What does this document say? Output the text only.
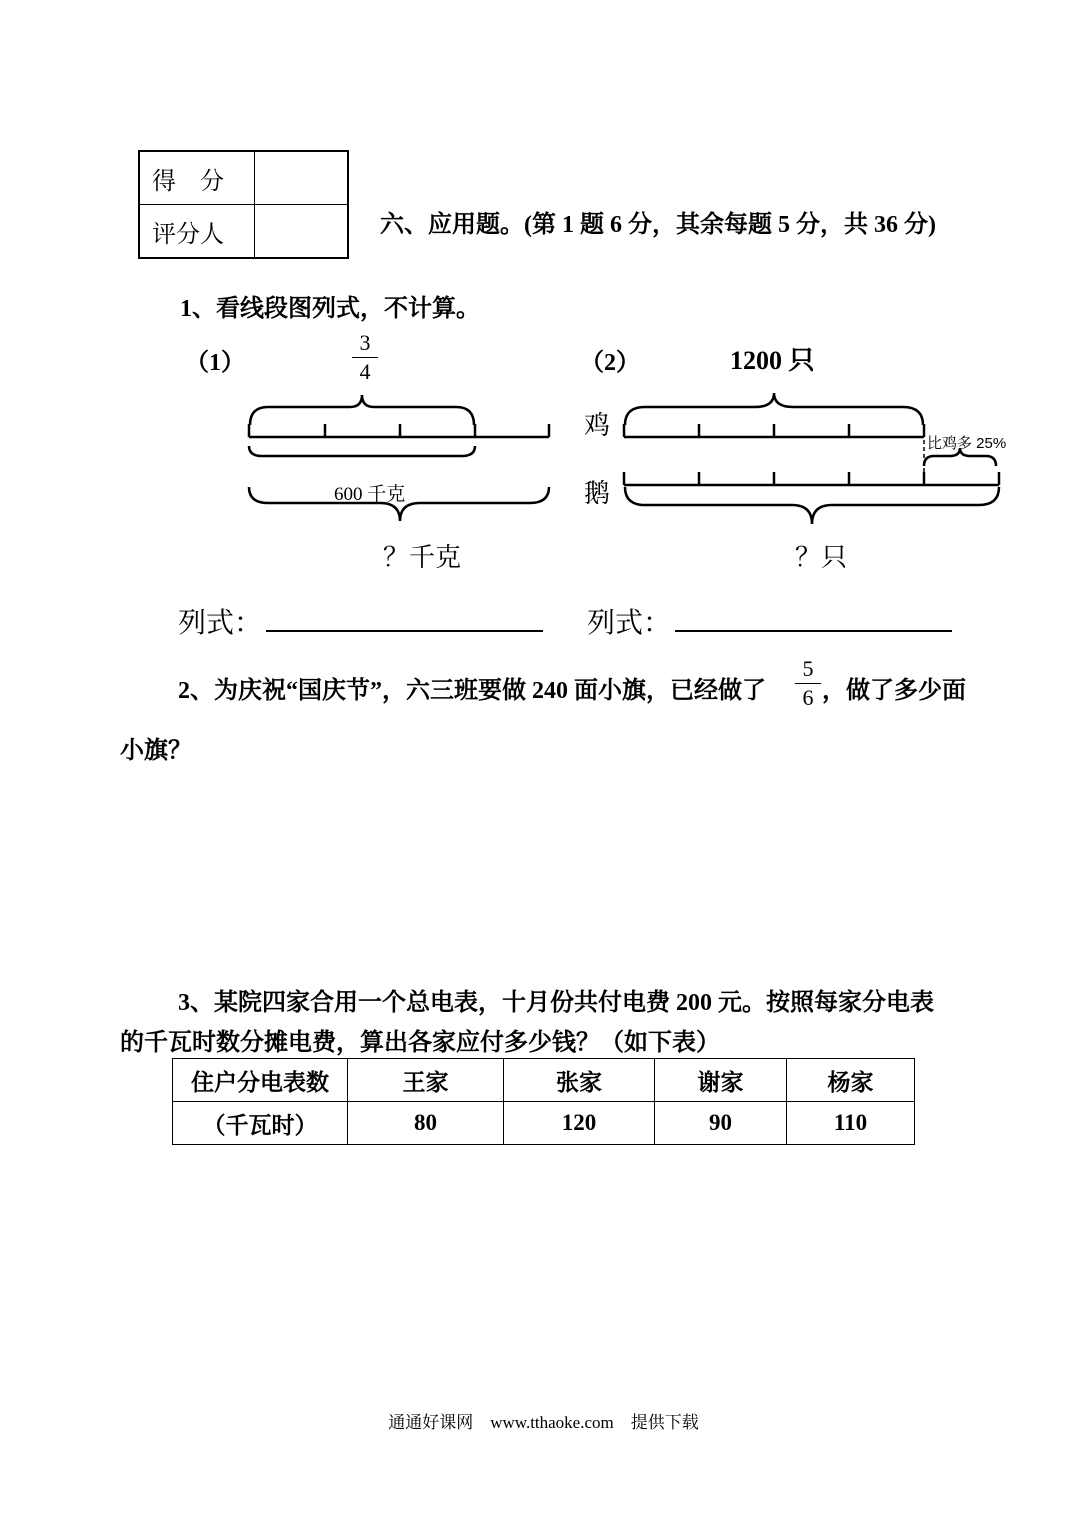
得　分	
评分人		六、应用题。(第 1 题 6 分，其余每题 5 分，共 36 分)
1、看线段图列式，不计算。
（1）
3
4	（2）	1200 只
600 千克
？千克
鸡
鹅
比鸡多 25%
？只
列式：	列式：
2、为庆祝“国庆节”，六三班要做 240 面小旗，已经做了
5
6 ，做了多少面
小旗？
3、某院四家合用一个总电表，十月份共付电费 200 元。按照每家分电表
的千瓦时数分摊电费，算出各家应付多少钱？（如下表）
住户分电表数	王家	张家	谢家	杨家
（千瓦时）	80	120	90	110
通通好课网　www.tthaoke.com　提供下载
